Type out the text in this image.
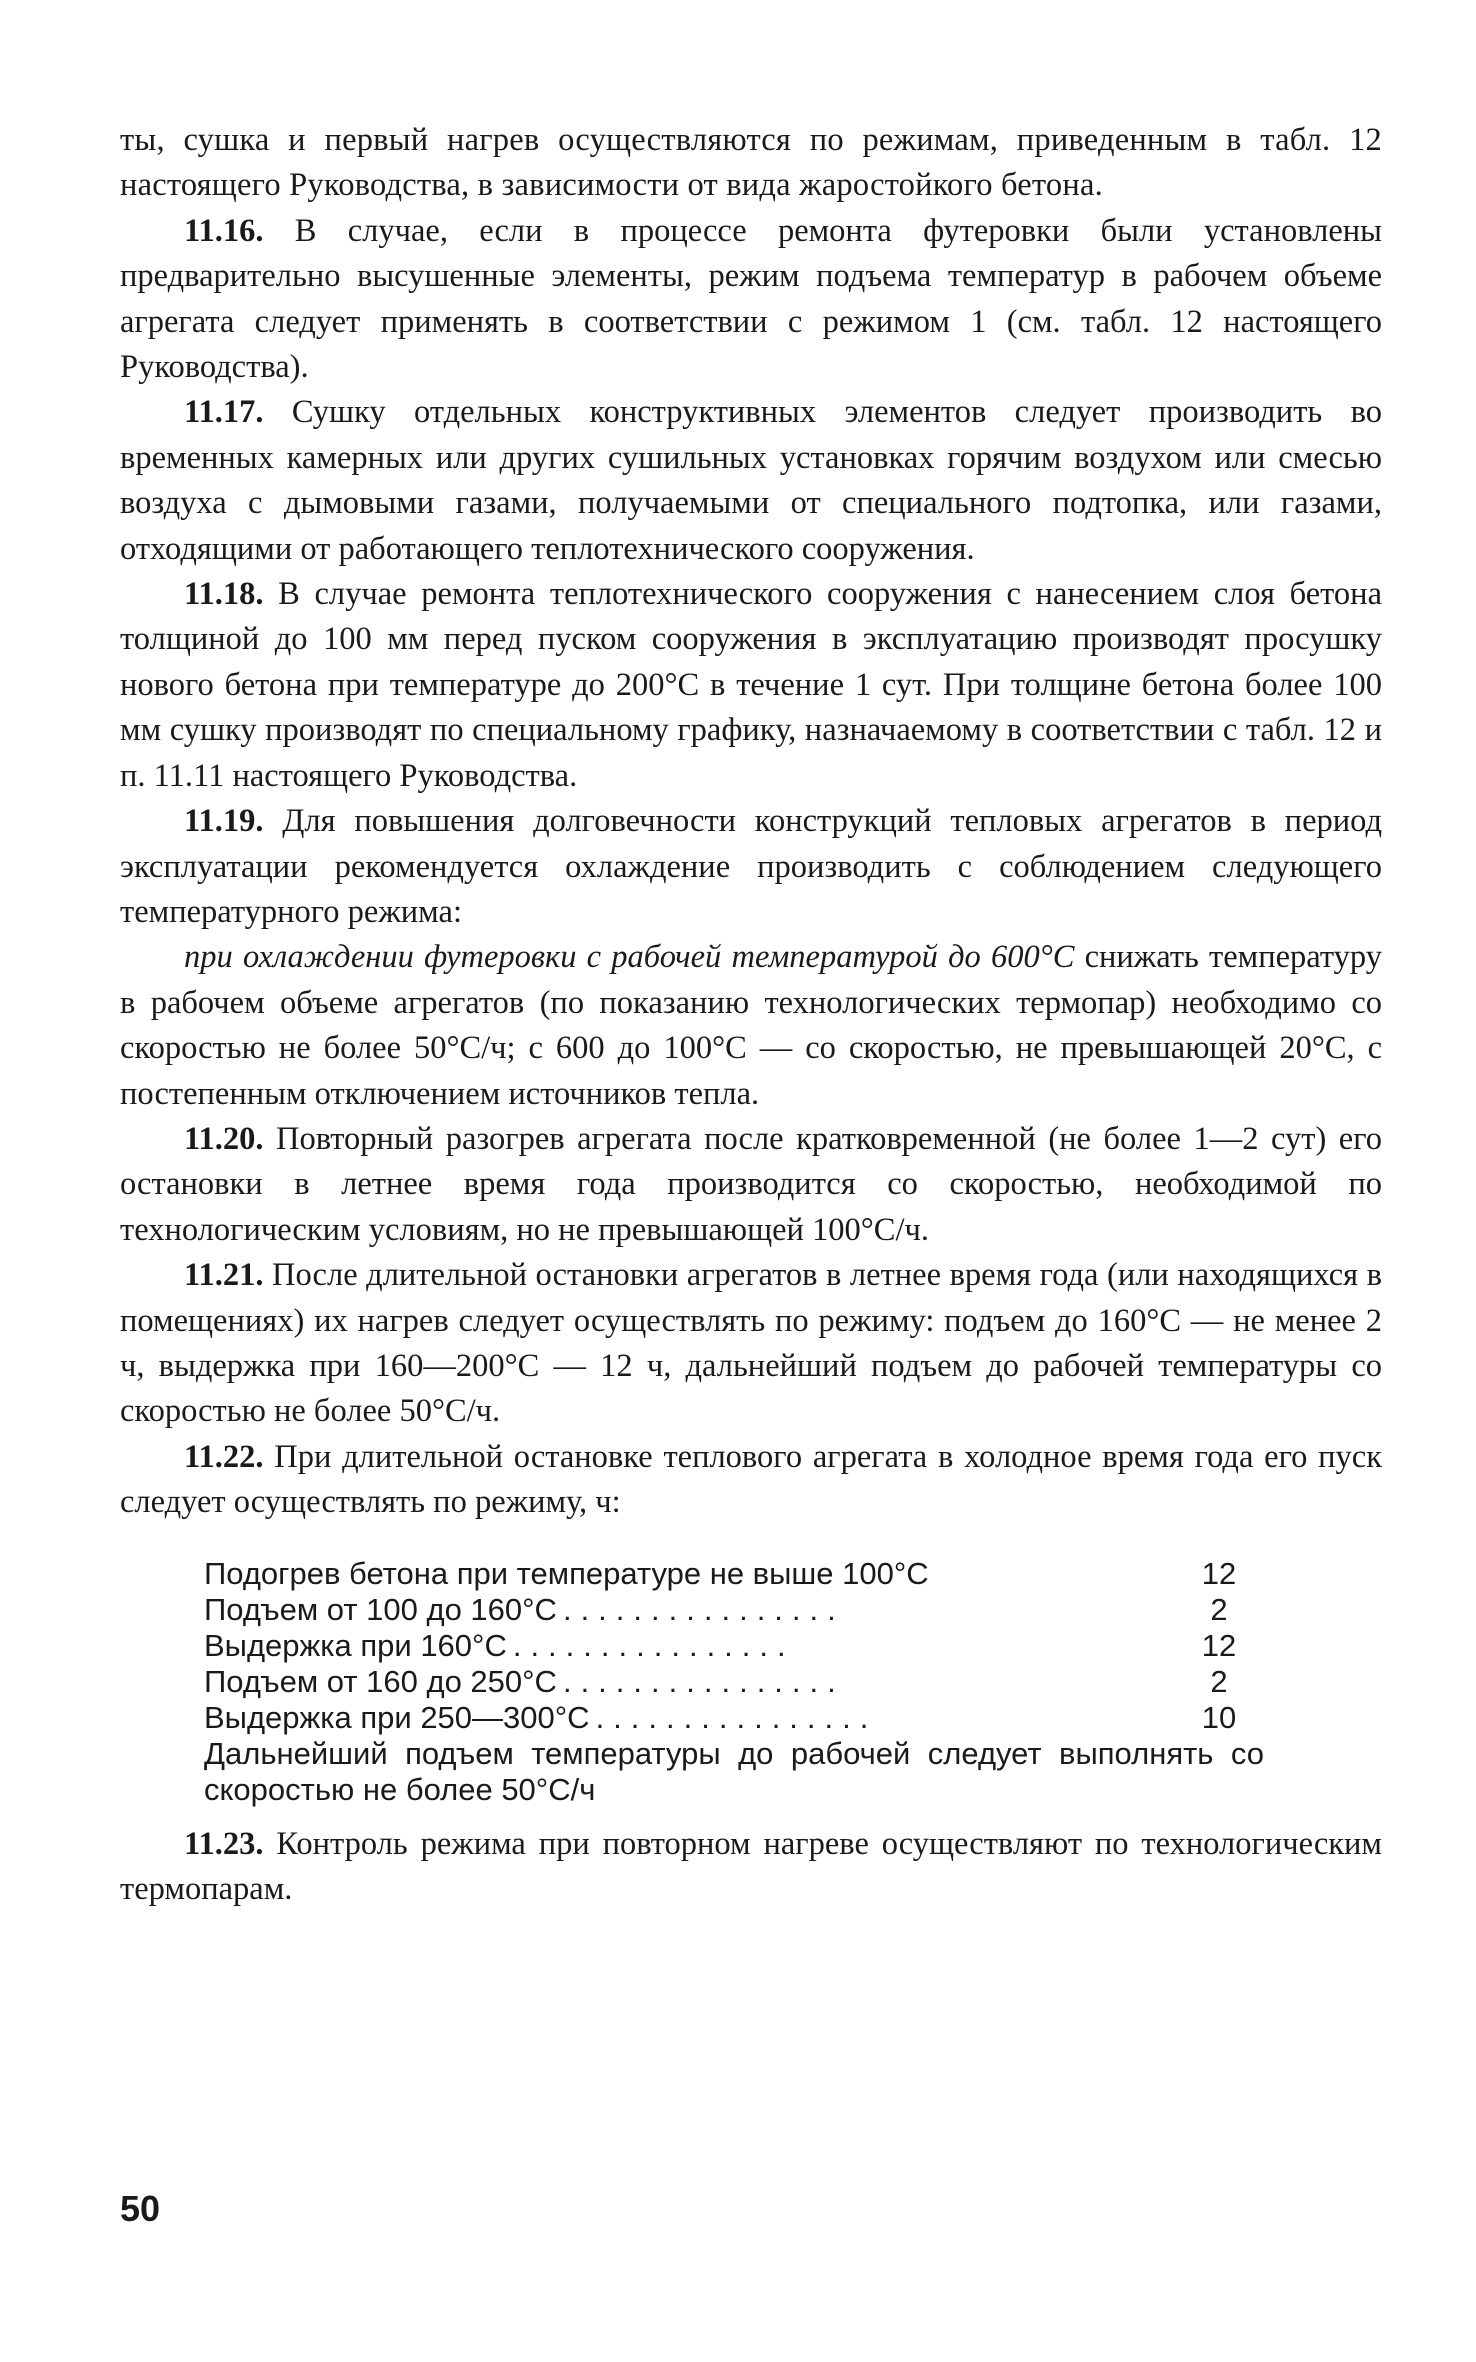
ты, сушка и первый нагрев осуществляются по режимам, приведенным в табл. 12 настоящего Руководства, в зависимости от вида жаростойкого бетона.

11.16. В случае, если в процессе ремонта футеровки были установлены предварительно высушенные элементы, режим подъема температур в рабочем объеме агрегата следует применять в соответствии с режимом 1 (см. табл. 12 настоящего Руководства).

11.17. Сушку отдельных конструктивных элементов следует производить во временных камерных или других сушильных установках горячим воздухом или смесью воздуха с дымовыми газами, получаемыми от специального подтопка, или газами, отходящими от работающего теплотехнического сооружения.

11.18. В случае ремонта теплотехнического сооружения с нанесением слоя бетона толщиной до 100 мм перед пуском сооружения в эксплуатацию производят просушку нового бетона при температуре до 200°С в течение 1 сут. При толщине бетона более 100 мм сушку производят по специальному графику, назначаемому в соответствии с табл. 12 и п. 11.11 настоящего Руководства.

11.19. Для повышения долговечности конструкций тепловых агрегатов в период эксплуатации рекомендуется охлаждение производить с соблюдением следующего температурного режима:

при охлаждении футеровки с рабочей температурой до 600°С снижать температуру в рабочем объеме агрегатов (по показанию технологических термопар) необходимо со скоростью не более 50°С/ч; с 600 до 100°С — со скоростью, не превышающей 20°С, с постепенным отключением источников тепла.

11.20. Повторный разогрев агрегата после кратковременной (не более 1—2 сут) его остановки в летнее время года производится со скоростью, необходимой по технологическим условиям, но не превышающей 100°С/ч.

11.21. После длительной остановки агрегатов в летнее время года (или находящихся в помещениях) их нагрев следует осуществлять по режиму: подъем до 160°С — не менее 2 ч, выдержка при 160—200°С — 12 ч, дальнейший подъем до рабочей температуры со скоростью не более 50°С/ч.

11.22. При длительной остановке теплового агрегата в холодное время года его пуск следует осуществлять по режиму, ч:

Подогрев бетона при температуре не выше 100°С	12
Подъем от 100 до 160°С ................	2
Выдержка при 160°С ................	12
Подъем от 160 до 250°С ................	2
Выдержка при 250—300°С ................	10

Дальнейший подъем температуры до рабочей следует выполнять со скоростью не более 50°С/ч

11.23. Контроль режима при повторном нагреве осуществляют по технологическим термопарам.

50
